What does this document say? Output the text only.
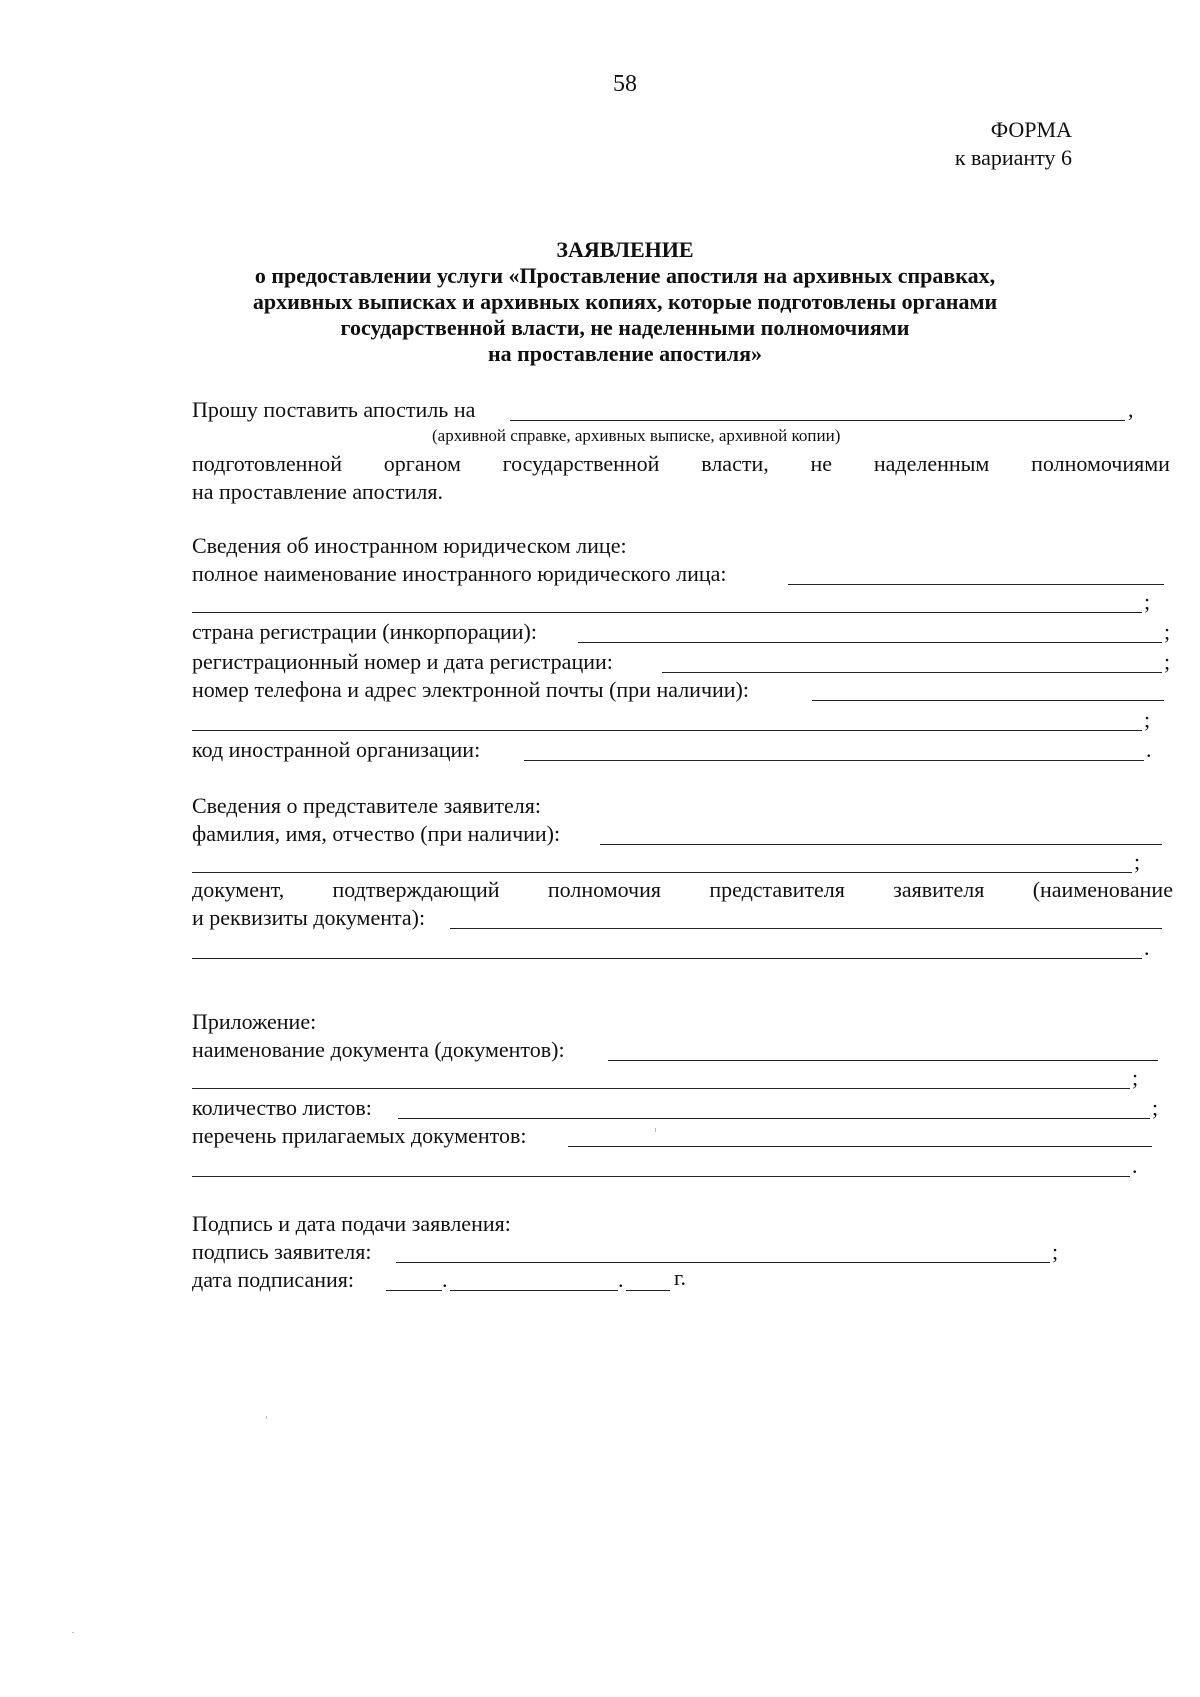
58
ФОРМА
к варианту 6
ЗАЯВЛЕНИЕ
о предоставлении услуги «Проставление апостиля на архивных справках,
архивных выписках и архивных копиях, которые подготовлены органами
государственной власти, не наделенными полномочиями
на проставление апостиля»
Прошу поставить апостиль на	,
(архивной справке, архивных выписке, архивной копии)
подготовленной органом государственной власти, не наделенным полномочиями
на проставление апостиля.
Сведения об иностранном юридическом лице:
полное наименование иностранного юридического лица:
;
страна регистрации (инкорпорации):	;
регистрационный номер и дата регистрации:	;
номер телефона и адрес электронной почты (при наличии):
;
код иностранной организации:	.
Сведения о представителе заявителя:
фамилия, имя, отчество (при наличии):
;
документ, подтверждающий полномочия представителя заявителя (наименование
и реквизиты документа):
.
Приложение:
наименование документа (документов):
;
количество листов:	;
перечень прилагаемых документов:
.
Подпись и дата подачи заявления:
подпись заявителя:	;
дата подписания:	.	. г.
